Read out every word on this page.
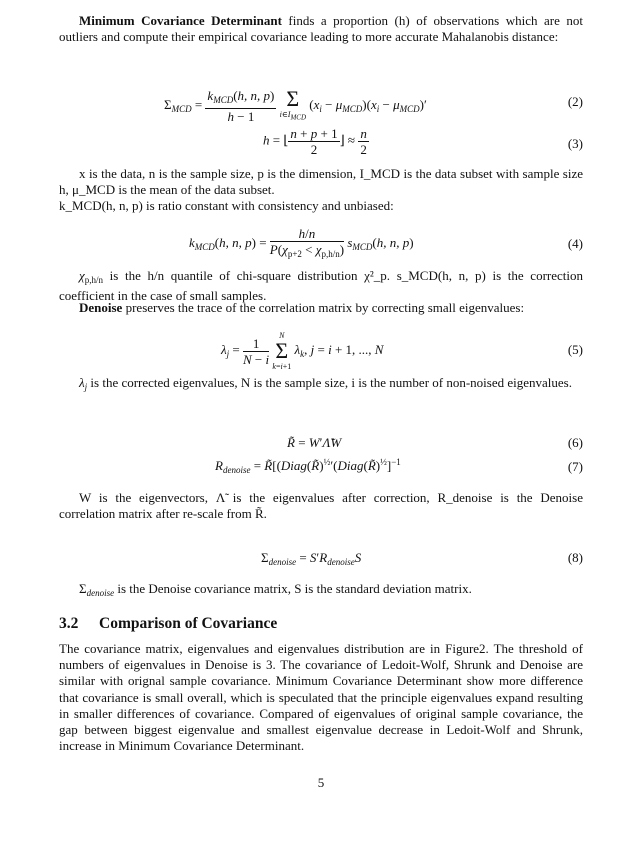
Minimum Covariance Determinant finds a proportion (h) of observations which are not outliers and compute their empirical covariance leading to more accurate Mahalanobis distance:
$\Sigma_{MCD} = \frac{k_{MCD}(h, n, p)}{h - 1}$
Σ
$i\in I_{MCD}$
$(x_i - \mu_{MCD})(x_i - \mu_{MCD})'$	(2)
h = ⌊ $\frac{n + p + 1}{2}$ ⌋ ≈ $\frac{n}{2}$	(3)
x is the data, n is the sample size, p is the dimension, I_MCD is the data subset with sample size h, μ_MCD is the mean of the data subset.
k_MCD(h, n, p) is ratio constant with consistency and unbiased:
$k_{MCD}(h$, n, $p) = \frac{h/n}{P(\chi_{p+2} < \chi_{p,h/n})} s_{MCD}(h$, n, p)	(4)
$\chi_{p,h/n}$ is the h/n quantile of chi-square distribution χ²_p. s_MCD(h, n, p) is the correction coefficient in the case of small samples.
Denoise preserves the trace of the correlation matrix by correcting small eigenvalues:
$\lambda_j = \frac{1}{N - i}$
	N
Σ
k=i+1
$\lambda_k$, j = i + 1, ..., N	(5)
$\lambda_j$ is the corrected eigenvalues, N is the sample size, i is the number of non-noised eigenvalues.
R̃ = W′Λ̃W	(6)
$R_{denoise}$ = R̃[(Diag(R̃)$^{\frac{1}{2}}$′(Diag(R̃)$^{\frac{1}{2}}$]$^{-1}$	(7)
W is the eigenvectors, Λ̃ is the eigenvalues after correction, R_denoise is the Denoise correlation matrix after re-scale from R̃.
$\Sigma_{denoise} = S'R_{denoise}S$	(8)
$\Sigma_{denoise}$ is the Denoise covariance matrix, S is the standard deviation matrix.
3.2 Comparison of Covariance
The covariance matrix, eigenvalues and eigenvalues distribution are in Figure2. The threshold of numbers of eigenvalues in Denoise is 3. The covariance of Ledoit-Wolf, Shrunk and Denoise are similar with orignal sample covariance. Minimum Covariance Determinant show more difference that covariance is small overall, which is speculated that the principle eigenvalues expand resulting in smaller differences of covariance. Compared of eigenvalues of original sample covariance, the gap between biggest eigenvalue and smallest eigenvalue decrease in Ledoit-Wolf and Shrunk, increase in Minimum Covariance Determinant.
5
